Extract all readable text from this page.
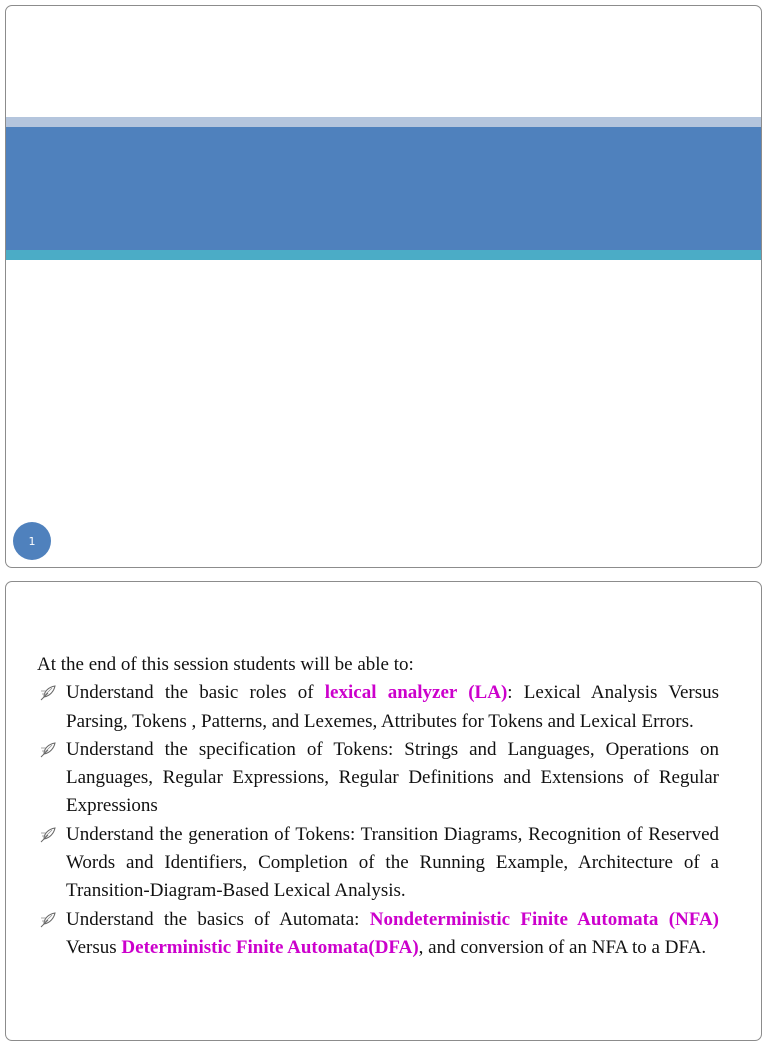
1

At the end of this session students will be able to:

Understand the basic roles of lexical analyzer (LA): Lexical Analysis Versus Parsing, Tokens , Patterns, and Lexemes, Attributes for Tokens and Lexical Errors.
Understand the specification of Tokens: Strings and Languages, Operations on Languages, Regular Expressions, Regular Definitions and Extensions of Regular Expressions
Understand the generation of Tokens: Transition Diagrams, Recognition of Reserved Words and Identifiers, Completion of the Running Example, Architecture of a Transition-Diagram-Based Lexical Analysis.
Understand the basics of Automata: Nondeterministic Finite Automata (NFA) Versus Deterministic Finite Automata(DFA), and conversion of an NFA to a DFA.
